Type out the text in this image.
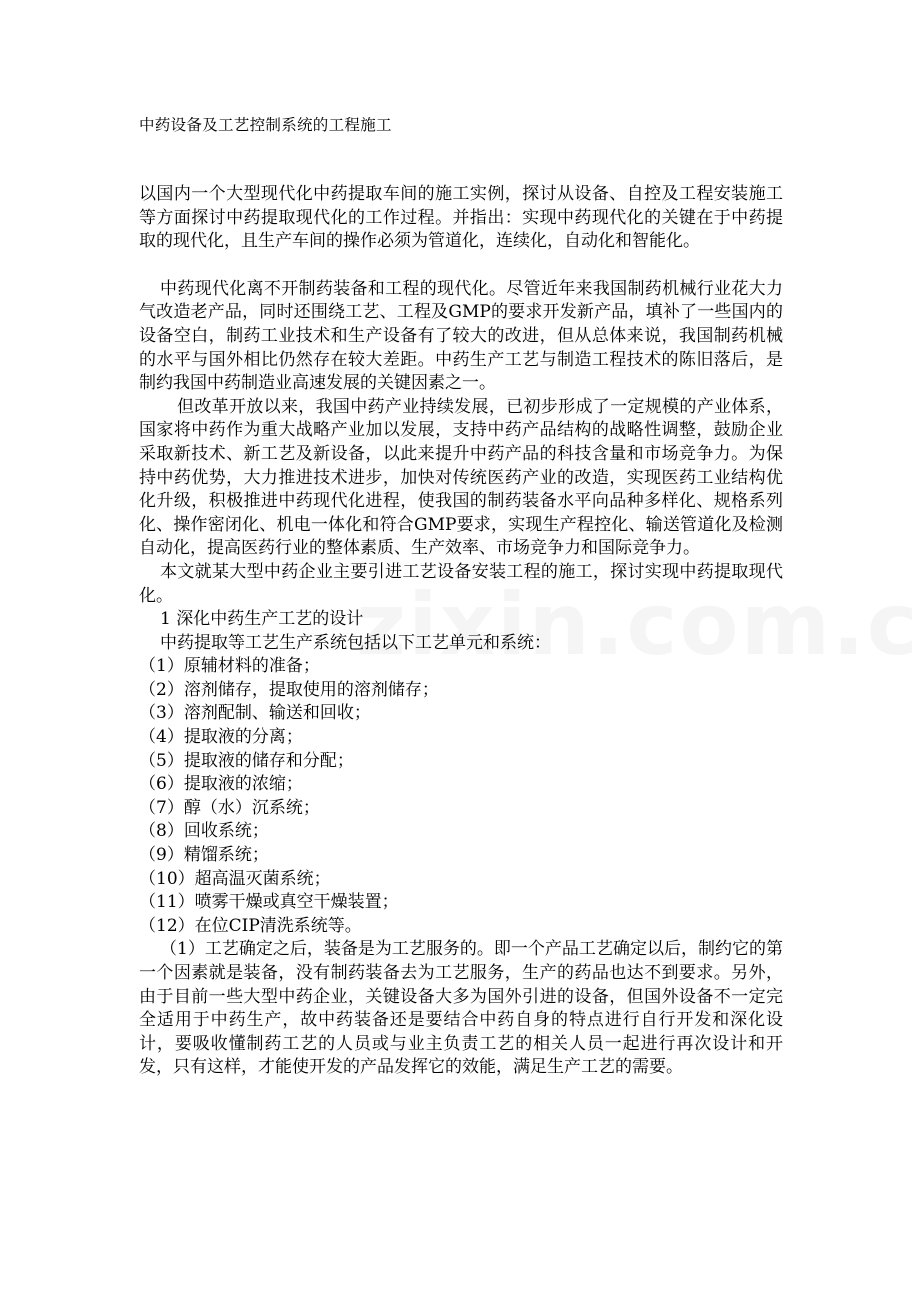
中药设备及工艺控制系统的工程施工

以国内一个大型现代化中药提取车间的施工实例，探讨从设备、自控及工程安装施工等方面探讨中药提取现代化的工作过程。并指出：实现中药现代化的关键在于中药提取的现代化，且生产车间的操作必须为管道化，连续化，自动化和智能化。

中药现代化离不开制药装备和工程的现代化。尽管近年来我国制药机械行业花大力气改造老产品，同时还围绕工艺、工程及GMP的要求开发新产品，填补了一些国内的设备空白，制药工业技术和生产设备有了较大的改进，但从总体来说，我国制药机械的水平与国外相比仍然存在较大差距。中药生产工艺与制造工程技术的陈旧落后，是制约我国中药制造业高速发展的关键因素之一。

但改革开放以来，我国中药产业持续发展，已初步形成了一定规模的产业体系，国家将中药作为重大战略产业加以发展，支持中药产品结构的战略性调整，鼓励企业采取新技术、新工艺及新设备，以此来提升中药产品的科技含量和市场竞争力。为保持中药优势，大力推进技术进步，加快对传统医药产业的改造，实现医药工业结构优化升级，积极推进中药现代化进程，使我国的制药装备水平向品种多样化、规格系列化、操作密闭化、机电一体化和符合GMP要求，实现生产程控化、输送管道化及检测自动化，提高医药行业的整体素质、生产效率、市场竞争力和国际竞争力。

本文就某大型中药企业主要引进工艺设备安装工程的施工，探讨实现中药提取现代化。

1 深化中药生产工艺的设计

中药提取等工艺生产系统包括以下工艺单元和系统：

（1）原辅材料的准备；

（2）溶剂储存，提取使用的溶剂储存；

（3）溶剂配制、输送和回收；

（4）提取液的分离；

（5）提取液的储存和分配；

（6）提取液的浓缩；

（7）醇（水）沉系统；

（8）回收系统；

（9）精馏系统；

（10）超高温灭菌系统；

（11）喷雾干燥或真空干燥装置；

（12）在位CIP清洗系统等。

（1）工艺确定之后，装备是为工艺服务的。即一个产品工艺确定以后，制约它的第一个因素就是装备，没有制药装备去为工艺服务，生产的药品也达不到要求。另外，由于目前一些大型中药企业，关键设备大多为国外引进的设备，但国外设备不一定完全适用于中药生产，故中药装备还是要结合中药自身的特点进行自行开发和深化设计，要吸收懂制药工艺的人员或与业主负责工艺的相关人员一起进行再次设计和开发，只有这样，才能使开发的产品发挥它的效能，满足生产工艺的需要。
